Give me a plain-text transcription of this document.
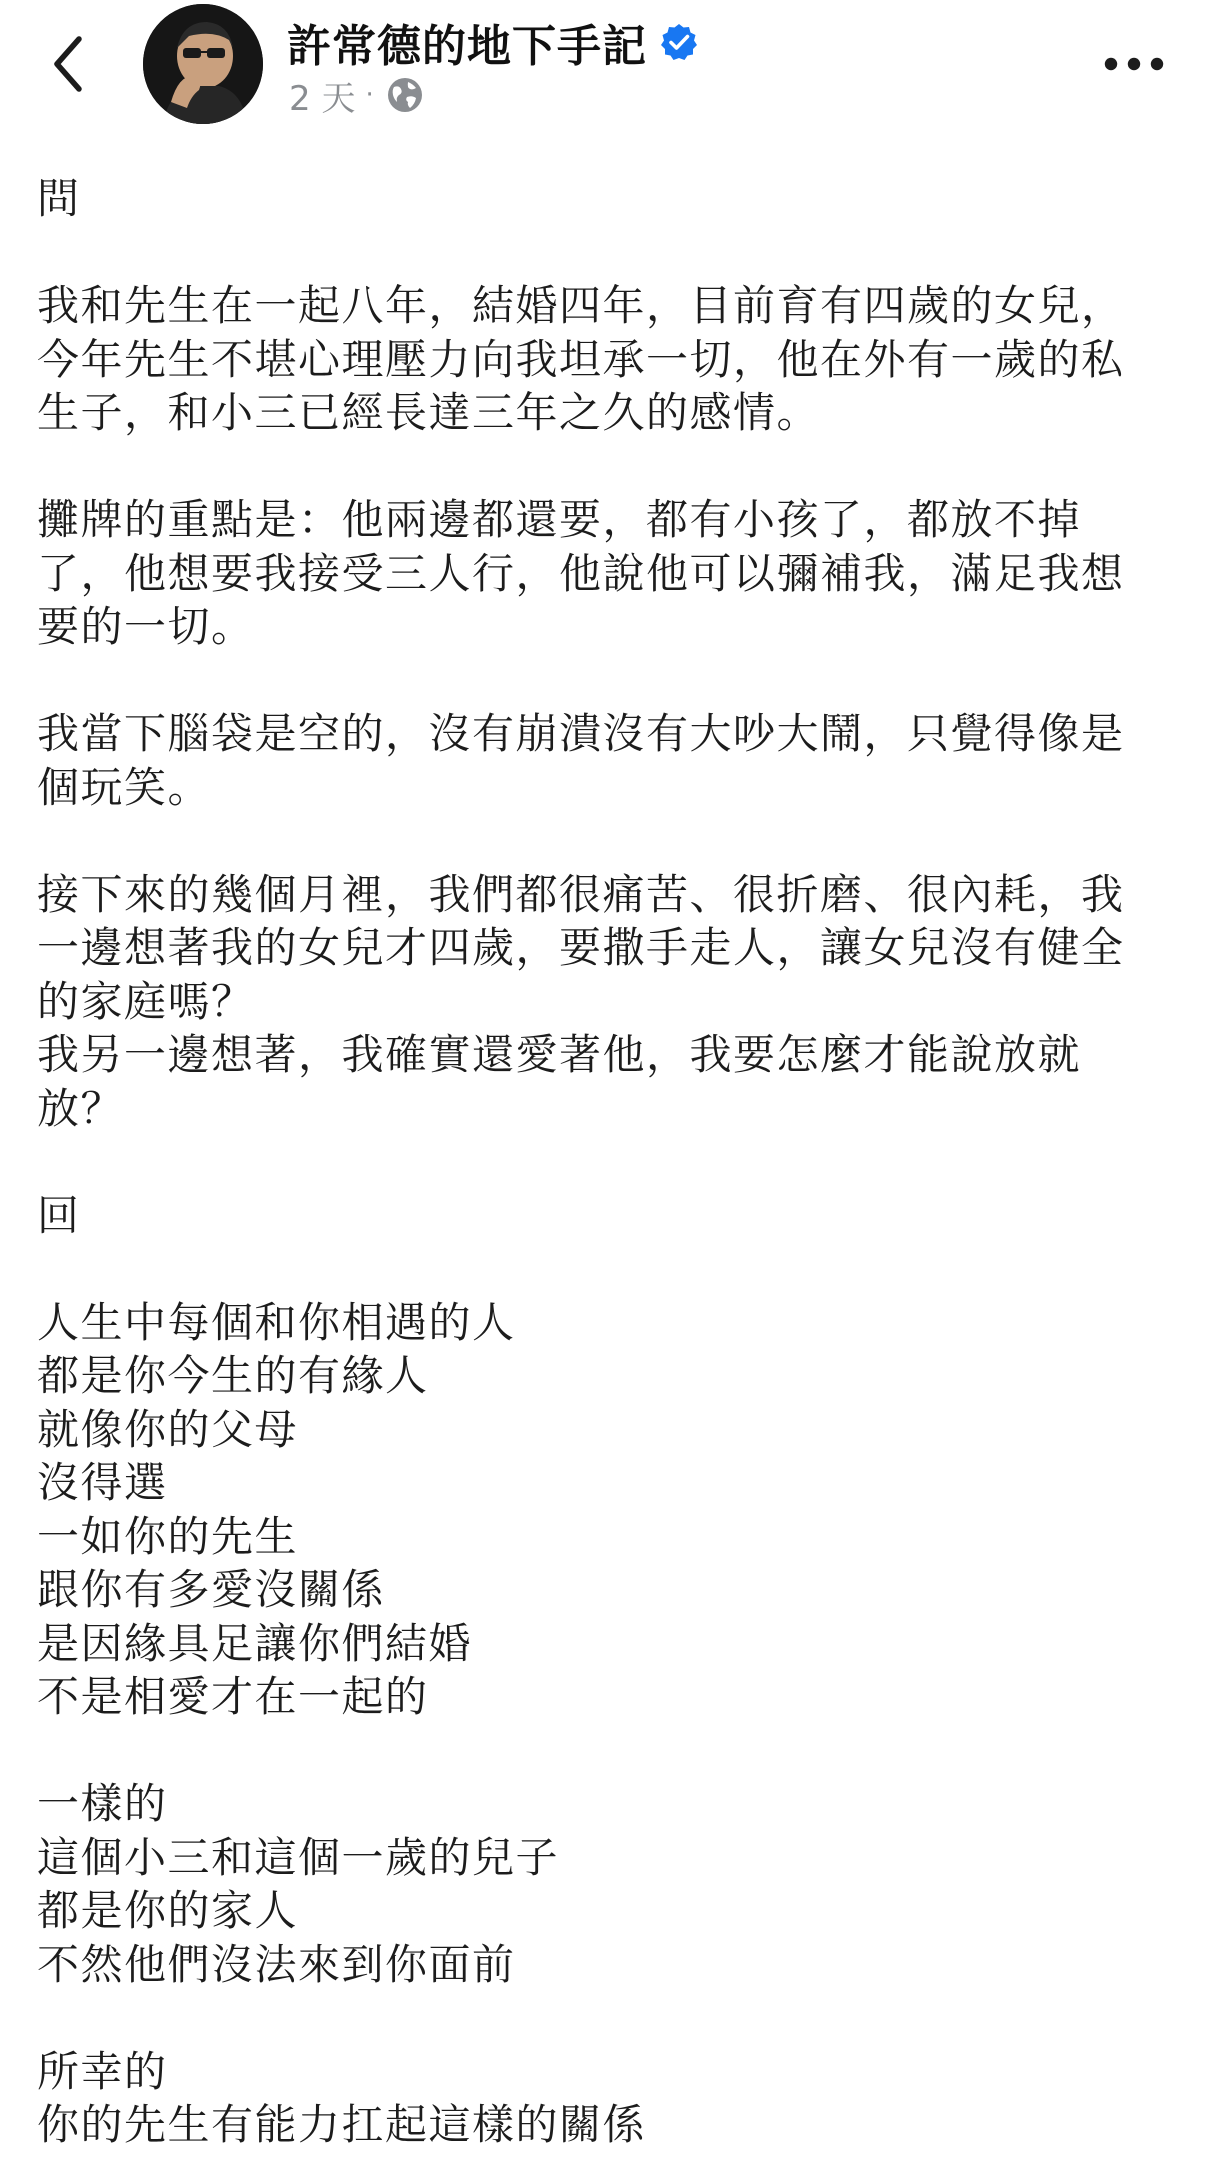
許常德的地下手記
2 天 ·
問
我和先生在一起八年，結婚四年，目前育有四歲的女兒，
今年先生不堪心理壓力向我坦承一切，他在外有一歲的私
生子，和小三已經長達三年之久的感情。
攤牌的重點是：他兩邊都還要，都有小孩了，都放不掉
了，他想要我接受三人行，他說他可以彌補我，滿足我想
要的一切。
我當下腦袋是空的，沒有崩潰沒有大吵大鬧，只覺得像是
個玩笑。
接下來的幾個月裡，我們都很痛苦、很折磨、很內耗，我
一邊想著我的女兒才四歲，要撒手走人，讓女兒沒有健全
的家庭嗎？
我另一邊想著，我確實還愛著他，我要怎麼才能說放就
放？
回
人生中每個和你相遇的人
都是你今生的有緣人
就像你的父母
沒得選
一如你的先生
跟你有多愛沒關係
是因緣具足讓你們結婚
不是相愛才在一起的
一樣的
這個小三和這個一歲的兒子
都是你的家人
不然他們沒法來到你面前
所幸的
你的先生有能力扛起這樣的關係
